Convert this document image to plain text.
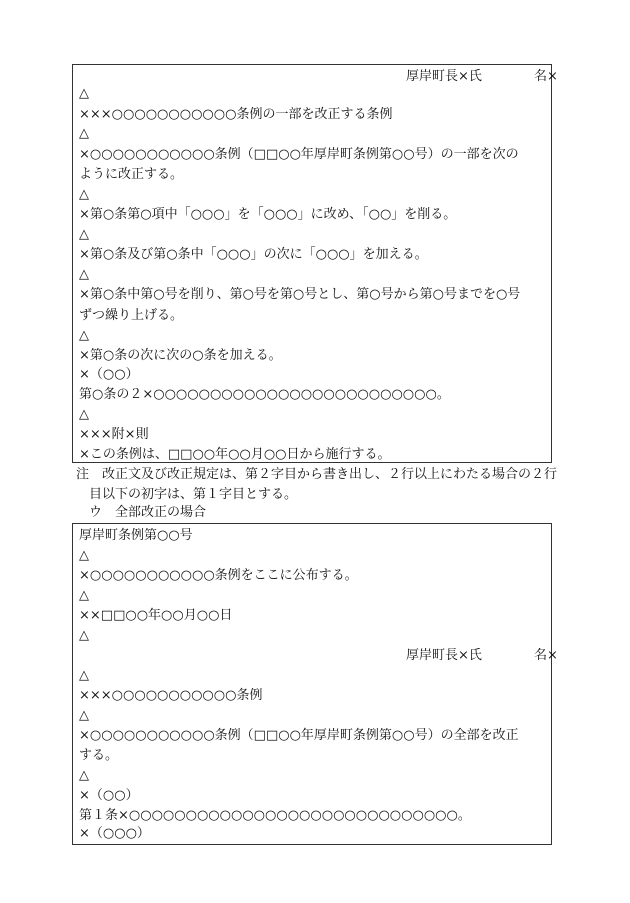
厚岸町長×氏	名×
△
×××○○○○○○○○○○○条例の一部を改正する条例
△
×○○○○○○○○○○○条例（□□○○年厚岸町条例第○○号）の一部を次の
ように改正する。
△
×第○条第○項中「○○○」を「○○○」に改め、「○○」を削る。
△
×第○条及び第○条中「○○○」の次に「○○○」を加える。
△
×第○条中第○号を削り、第○号を第○号とし、第○号から第○号までを○号
ずつ繰り上げる。
△
×第○条の次に次の○条を加える。
×（○○）
第○条の２×○○○○○○○○○○○○○○○○○○○○○○○○○。
△
×××附×則
×この条例は、□□○○年○○月○○日から施行する。
注　改正文及び改正規定は、第２字目から書き出し、２行以上にわたる場合の２行
　目以下の初字は、第１字目とする。
　ウ　全部改正の場合
厚岸町条例第○○号
△
×○○○○○○○○○○○条例をここに公布する。
△
××□□○○年○○月○○日
△
厚岸町長×氏	名×
△
×××○○○○○○○○○○○条例
△
×○○○○○○○○○○○条例（□□○○年厚岸町条例第○○号）の全部を改正
する。
△
×（○○）
第１条×○○○○○○○○○○○○○○○○○○○○○○○○○○○○○。
×（○○○）
